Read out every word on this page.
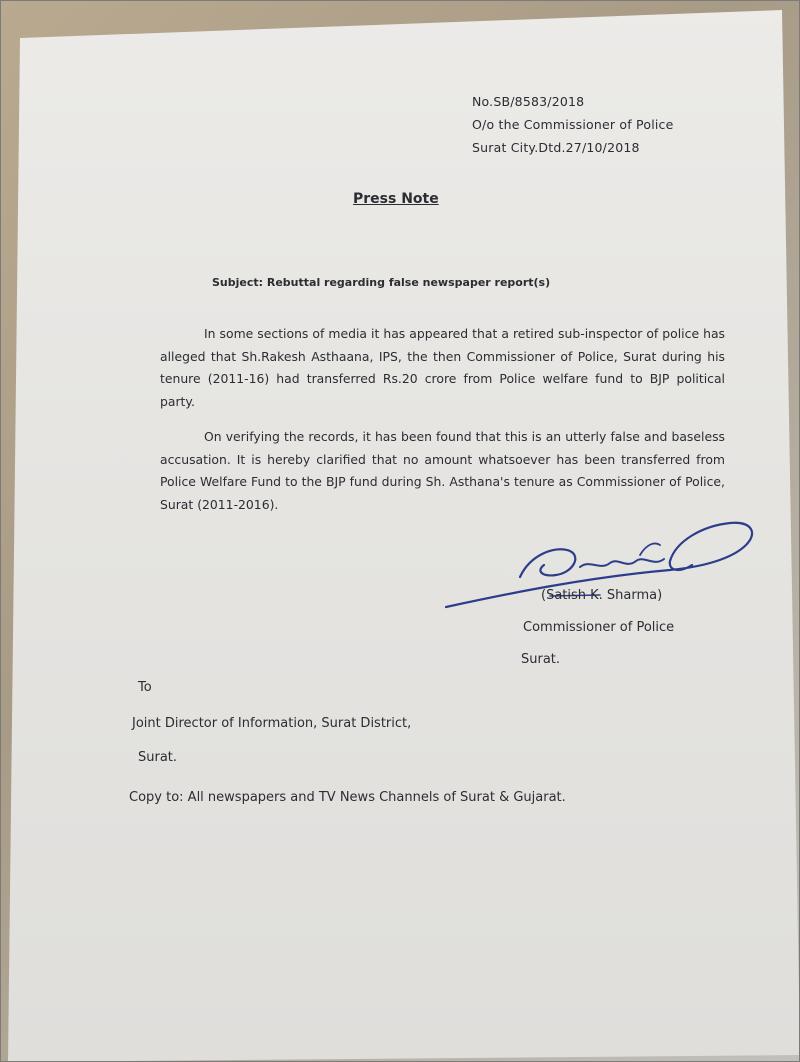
No.SB/8583/2018
O/o the Commissioner of Police
Surat City.Dtd.27/10/2018
Press Note
Subject: Rebuttal regarding false newspaper report(s)

In some sections of media it has appeared that a retired sub-inspector of police has alleged that Sh.Rakesh Asthaana, IPS, the then Commissioner of Police, Surat during his tenure (2011-16) had transferred Rs.20 crore from Police welfare fund to BJP political party.

On verifying the records, it has been found that this is an utterly false and baseless accusation. It is hereby clarified that no amount whatsoever has been transferred from Police Welfare Fund to the BJP fund during Sh. Asthana's tenure as Commissioner of Police, Surat (2011-2016).

(Satish K. Sharma)
Commissioner of Police
Surat.
To
Joint Director of Information, Surat District,
Surat.
Copy to: All newspapers and TV News Channels of Surat & Gujarat.
